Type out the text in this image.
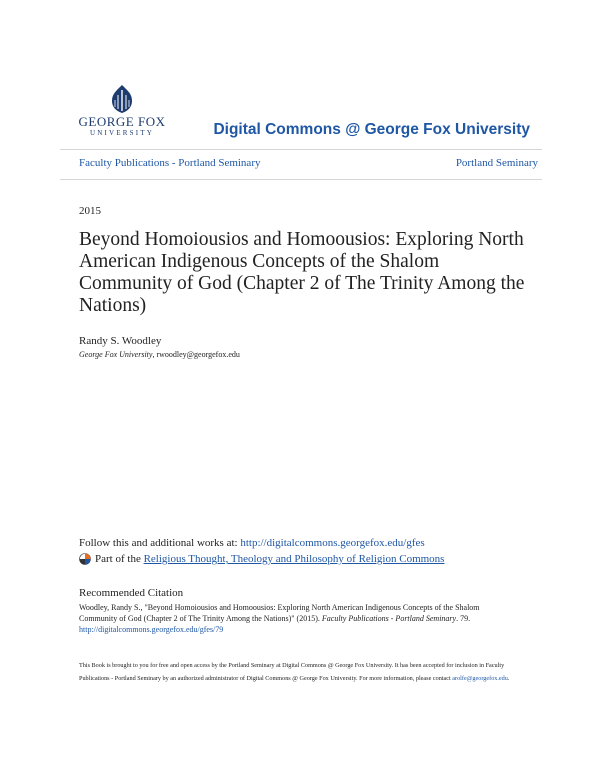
GEORGE FOX
UNIVERSITY	Digital Commons @ George Fox University
Faculty Publications - Portland Seminary	Portland Seminary
2015
Beyond Homoiousios and Homoousios: Exploring North American Indigenous Concepts of the Shalom Community of God (Chapter 2 of The Trinity Among the Nations)
Randy S. Woodley
George Fox University, rwoodley@georgefox.edu
Follow this and additional works at: http://digitalcommons.georgefox.edu/gfes
Part of the
Religious Thought, Theology and Philosophy of Religion Commons
Recommended Citation
Woodley, Randy S., "Beyond Homoiousios and Homoousios: Exploring North American Indigenous Concepts of the Shalom Community of God (Chapter 2 of The Trinity Among the Nations)" (2015). Faculty Publications - Portland Seminary. 79.
http://digitalcommons.georgefox.edu/gfes/79
This Book is brought to you for free and open access by the Portland Seminary at Digital Commons @ George Fox University. It has been accepted for inclusion in Faculty Publications - Portland Seminary by an authorized administrator of Digital Commons @ George Fox University. For more information, please contact arolfe@georgefox.edu.
